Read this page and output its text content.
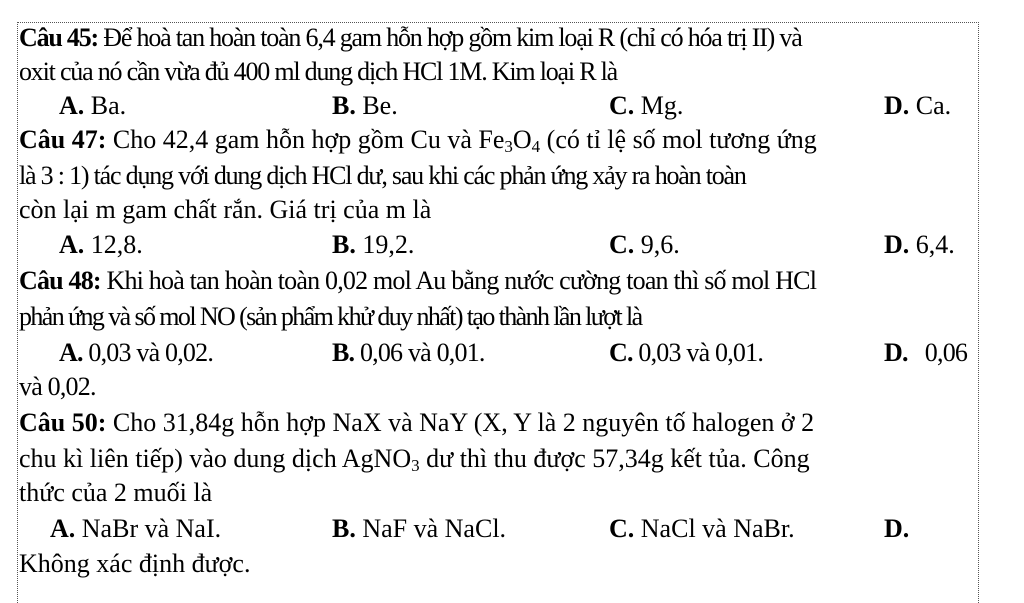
Câu 45: Để hoà tan hoàn toàn 6,4 gam hỗn hợp gồm kim loại R (chỉ có hóa trị II) và
oxit của nó cần vừa đủ 400 ml dung dịch HCl 1M. Kim loại R là
A. Ba.	B. Be.	C. Mg.	D. Ca.
Câu 47: Cho 42,4 gam hỗn hợp gồm Cu và $Fe_3O_4$ (có tỉ lệ số mol tương ứng
là 3 : 1) tác dụng với dung dịch HCl dư, sau khi các phản ứng xảy ra hoàn toàn
còn lại m gam chất rắn. Giá trị của m là
A. 12,8.	B. 19,2.	C. 9,6.	D. 6,4.
Câu 48: Khi hoà tan hoàn toàn 0,02 mol Au bằng nước cường toan thì số mol HCl
phản ứng và số mol NO (sản phẩm khử duy nhất) tạo thành lần lượt là
A. 0,03 và 0,02.	B. 0,06 và 0,01.	C. 0,03 và 0,01.	D.   0,06
và 0,02.
Câu 50: Cho 31,84g hỗn hợp NaX và NaY (X, Y là 2 nguyên tố halogen ở 2
chu kì liên tiếp) vào dung dịch AgNO$_3$ dư thì thu được 57,34g kết tủa. Công
thức của 2 muối là
A. NaBr và NaI.	B. NaF và NaCl.	C. NaCl và NaBr.	D.
Không xác định được.
